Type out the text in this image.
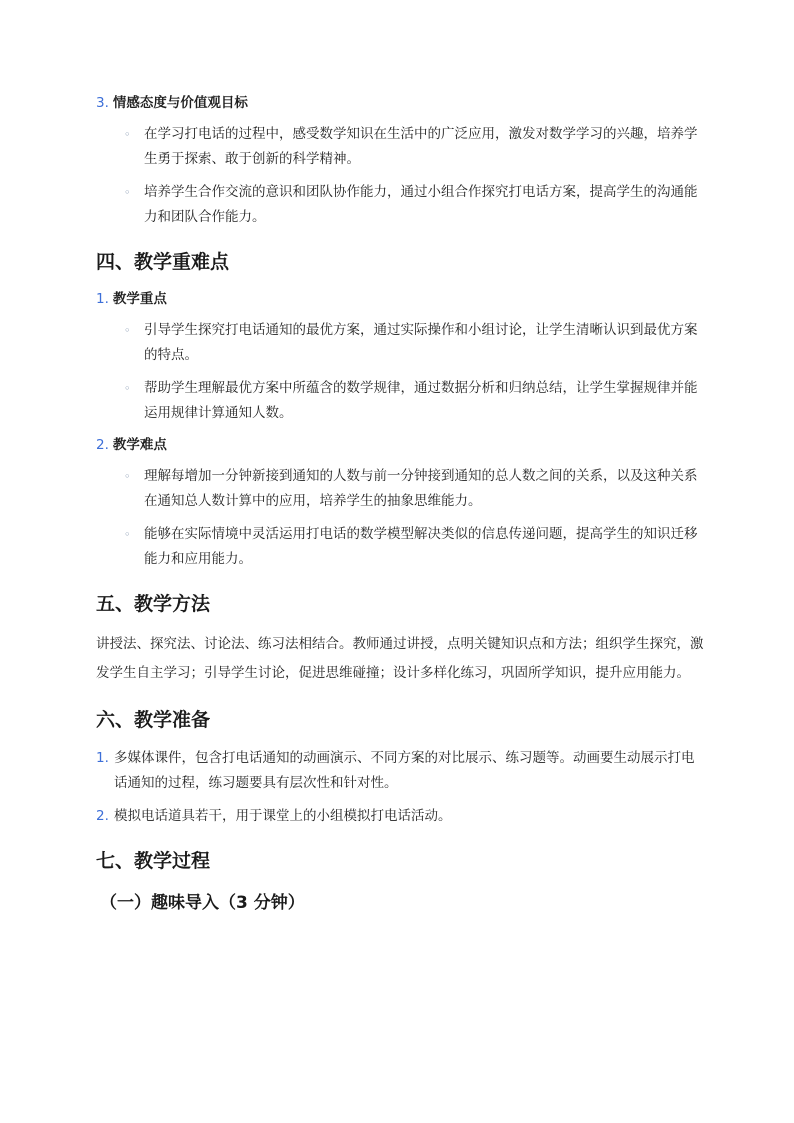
3. 情感态度与价值观目标
◦ 在学习打电话的过程中，感受数学知识在生活中的广泛应用，激发对数学学习的兴趣，培养学生勇于探索、敢于创新的科学精神。
◦ 培养学生合作交流的意识和团队协作能力，通过小组合作探究打电话方案，提高学生的沟通能力和团队合作能力。
四、教学重难点
1. 教学重点
◦ 引导学生探究打电话通知的最优方案，通过实际操作和小组讨论，让学生清晰认识到最优方案的特点。
◦ 帮助学生理解最优方案中所蕴含的数学规律，通过数据分析和归纳总结，让学生掌握规律并能运用规律计算通知人数。
2. 教学难点
◦ 理解每增加一分钟新接到通知的人数与前一分钟接到通知的总人数之间的关系，以及这种关系在通知总人数计算中的应用，培养学生的抽象思维能力。
◦ 能够在实际情境中灵活运用打电话的数学模型解决类似的信息传递问题，提高学生的知识迁移能力和应用能力。
五、教学方法

讲授法、探究法、讨论法、练习法相结合。教师通过讲授，点明关键知识点和方法；组织学生探究，激发学生自主学习；引导学生讨论，促进思维碰撞；设计多样化练习，巩固所学知识，提升应用能力。

六、教学准备
1. 多媒体课件，包含打电话通知的动画演示、不同方案的对比展示、练习题等。动画要生动展示打电话通知的过程，练习题要具有层次性和针对性。
2. 模拟电话道具若干，用于课堂上的小组模拟打电话活动。
七、教学过程
（一）趣味导入（3 分钟）
